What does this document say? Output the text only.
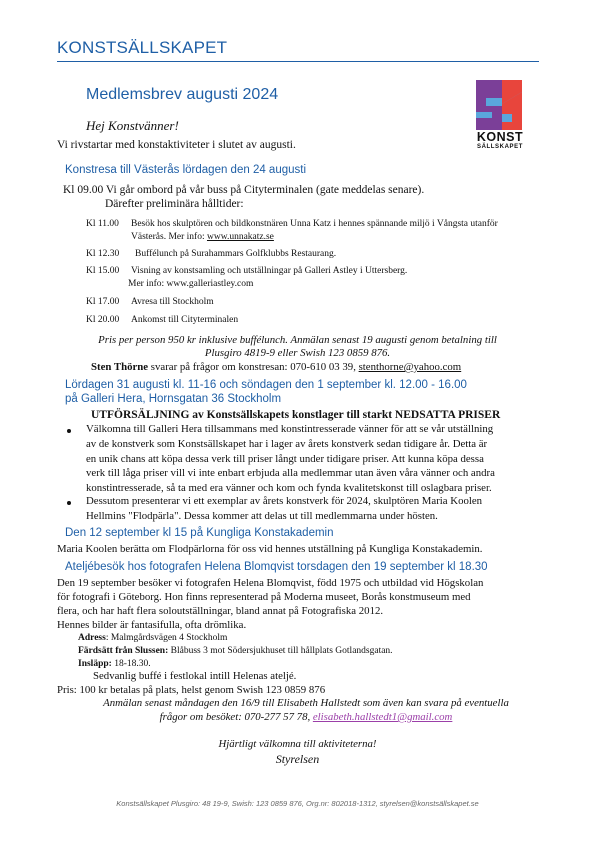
KONSTSÄLLSKAPET
Medlemsbrev augusti 2024
KONST
SÄLLSKAPET
Hej Konstvänner!
Vi rivstartar med konstaktiviteter i slutet av augusti.
Konstresa till Västerås lördagen den 24 augusti
Kl 09.00 Vi går ombord på vår buss på Cityterminalen (gate meddelas senare).
Därefter preliminära hålltider:
Kl 11.00 Besök hos skulptören och bildkonstnären Unna Katz i hennes spännande miljö i Vångsta utanför
Västerås. Mer info: www.unnakatz.se
Kl 12.30 Buffélunch på Surahammars Golfklubbs Restaurang.
Kl 15.00 Visning av konstsamling och utställningar på Galleri Astley i Uttersberg.
Mer info: www.galleriastley.com
Kl 17.00 Avresa till Stockholm
Kl 20.00 Ankomst till Cityterminalen
Pris per person 950 kr inklusive buffélunch. Anmälan senast 19 augusti genom betalning till
Plusgiro 4819-9 eller Swish 123 0859 876.
Sten Thörne svarar på frågor om konstresan: 070-610 03 39, stenthorne@yahoo.com
Lördagen 31 augusti kl. 11-16 och söndagen den 1 september kl. 12.00 - 16.00
på Galleri Hera, Hornsgatan 36 Stockholm
UTFÖRSÄLJNING av Konstsällskapets konstlager till starkt NEDSATTA PRISER
Välkomna till Galleri Hera tillsammans med konstintresserade vänner för att se vår utställning
av de konstverk som Konstsällskapet har i lager av årets konstverk sedan tidigare år. Detta är
en unik chans att köpa dessa verk till priser långt under tidigare priser. Att kunna köpa dessa
verk till låga priser vill vi inte enbart erbjuda alla medlemmar utan även våra vänner och andra
konstintresserade, så ta med era vänner och kom och fynda kvalitetskonst till oslagbara priser.
Dessutom presenterar vi ett exemplar av årets konstverk för 2024, skulptören Maria Koolen
Hellmins "Flodpärla". Dessa kommer att delas ut till medlemmarna under hösten.
Den 12 september kl 15 på Kungliga Konstakademin
Maria Koolen berätta om Flodpärlorna för oss vid hennes utställning på Kungliga Konstakademin.
Ateljébesök hos fotografen Helena Blomqvist torsdagen den 19 september kl 18.30
Den 19 september besöker vi fotografen Helena Blomqvist, född 1975 och utbildad vid Högskolan
för fotografi i Göteborg. Hon finns representerad på Moderna museet, Borås konstmuseum med
flera, och har haft flera soloutställningar, bland annat på Fotografiska 2012.
Hennes bilder är fantasifulla, ofta drömlika.
Adress: Malmgårdsvägen 4 Stockholm
Färdsätt från Slussen: Blåbuss 3 mot Södersjukhuset till hållplats Gotlandsgatan.
Insläpp: 18-18.30.
Sedvanlig buffé i festlokal intill Helenas ateljé.
Pris: 100 kr betalas på plats, helst genom Swish 123 0859 876
Anmälan senast måndagen den 16/9 till Elisabeth Hallstedt som även kan svara på eventuella
frågor om besöket: 070-277 57 78, elisabeth.hallstedt1@gmail.com
Hjärtligt välkomna till aktiviteterna!
Styrelsen
Konstsällskapet Plusgiro: 48 19-9, Swish: 123 0859 876, Org.nr: 802018-1312, styrelsen@konstsällskapet.se
